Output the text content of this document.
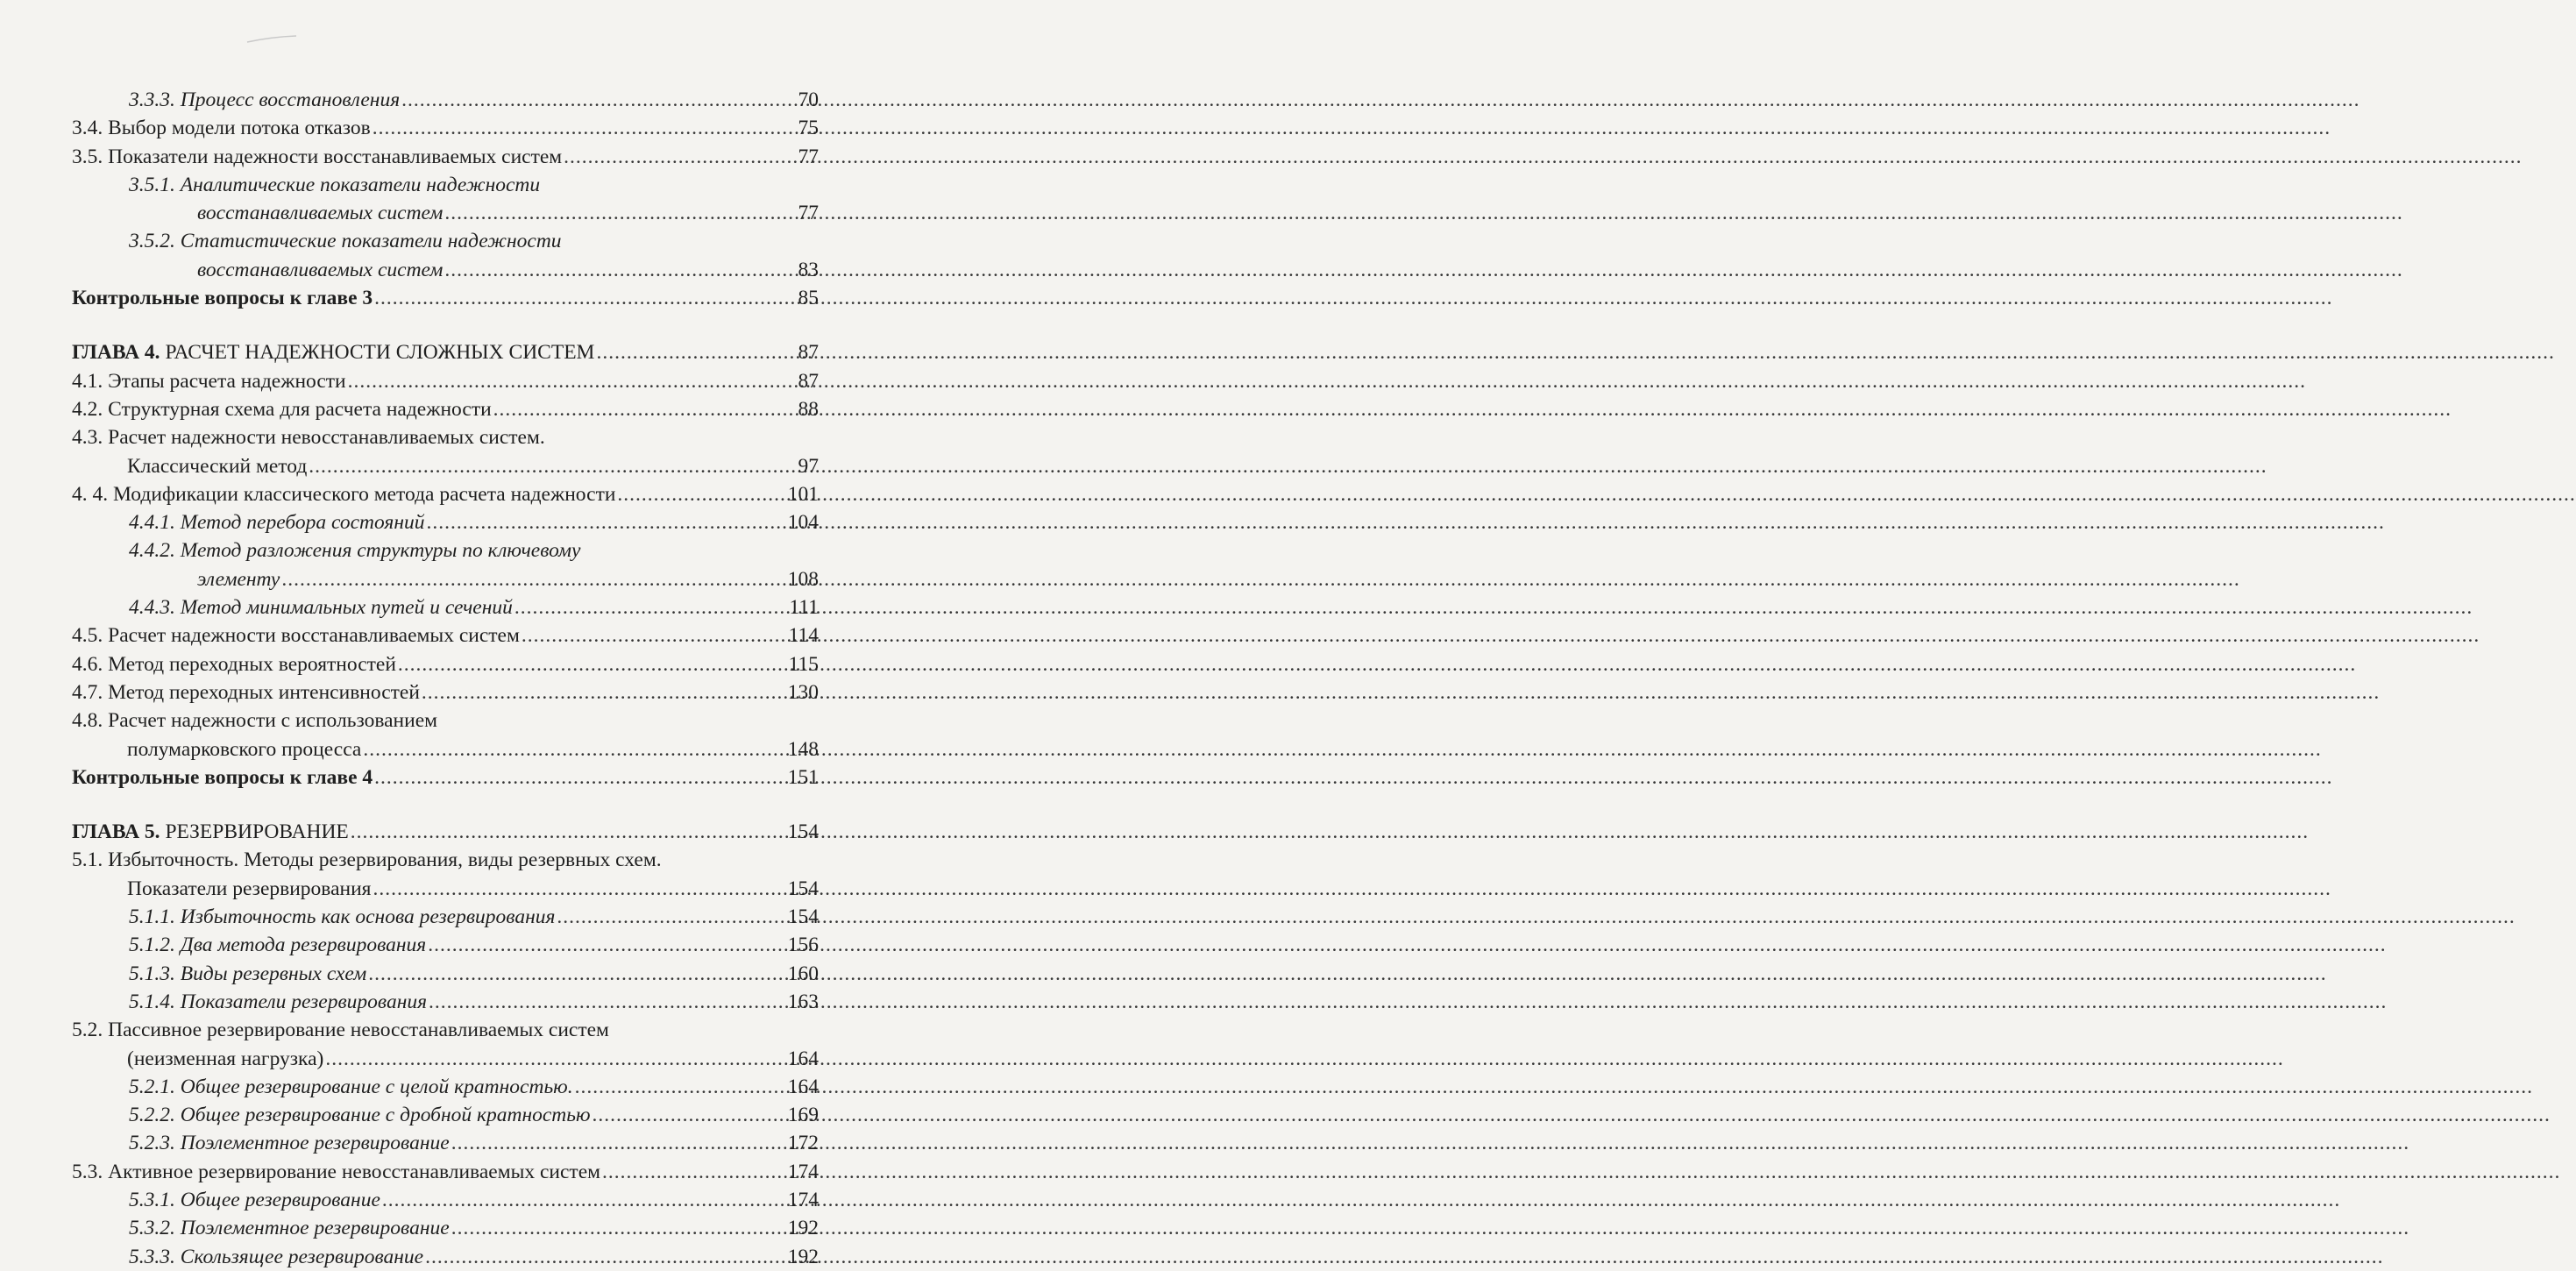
3.3.3. Процесс восстановления .....	70
3.4. Выбор модели потока отказов .....	75
3.5. Показатели надежности восстанавливаемых систем .....	77
3.5.1. Аналитические показатели надежности
восстанавливаемых систем .....	77
3.5.2. Статистические показатели надежности
восстанавливаемых систем .....	83
Контрольные вопросы к главе 3 .....	85
ГЛАВА 4. РАСЧЕТ НАДЕЖНОСТИ СЛОЖНЫХ СИСТЕМ .....	87
4.1. Этапы расчета надежности .....	87
4.2. Структурная схема для расчета надежности .....	88
4.3. Расчет надежности невосстанавливаемых систем.
Классический метод .....	97
4. 4. Модификации классического метода расчета надежности .....	101
4.4.1. Метод перебора состояний .....	104
4.4.2. Метод разложения структуры по ключевому
элементу .....	108
4.4.3. Метод минимальных путей и сечений .....	111
4.5. Расчет надежности восстанавливаемых систем .....	114
4.6. Метод переходных вероятностей .....	115
4.7. Метод переходных интенсивностей .....	130
4.8. Расчет надежности с использованием
полумарковского процесса .....	148
Контрольные вопросы к главе 4 .....	151
ГЛАВА 5. РЕЗЕРВИРОВАНИЕ .....	154
5.1. Избыточность. Методы резервирования, виды резервных схем.
Показатели резервирования .....	154
5.1.1. Избыточность как основа резервирования .....	154
5.1.2. Два метода резервирования .....	156
5.1.3. Виды резервных схем .....	160
5.1.4. Показатели резервирования .....	163
5.2. Пассивное резервирование невосстанавливаемых систем
(неизменная нагрузка) .....	164
5.2.1. Общее резервирование с целой кратностью. .....	164
5.2.2. Общее резервирование с дробной кратностью .....	169
5.2.3. Поэлементное резервирование .....	172
5.3. Активное резервирование невосстанавливаемых систем .....	174
5.3.1. Общее резервирование .....	174
5.3.2. Поэлементное резервирование .....	192
5.3.3. Скользящее резервирование .....	192
